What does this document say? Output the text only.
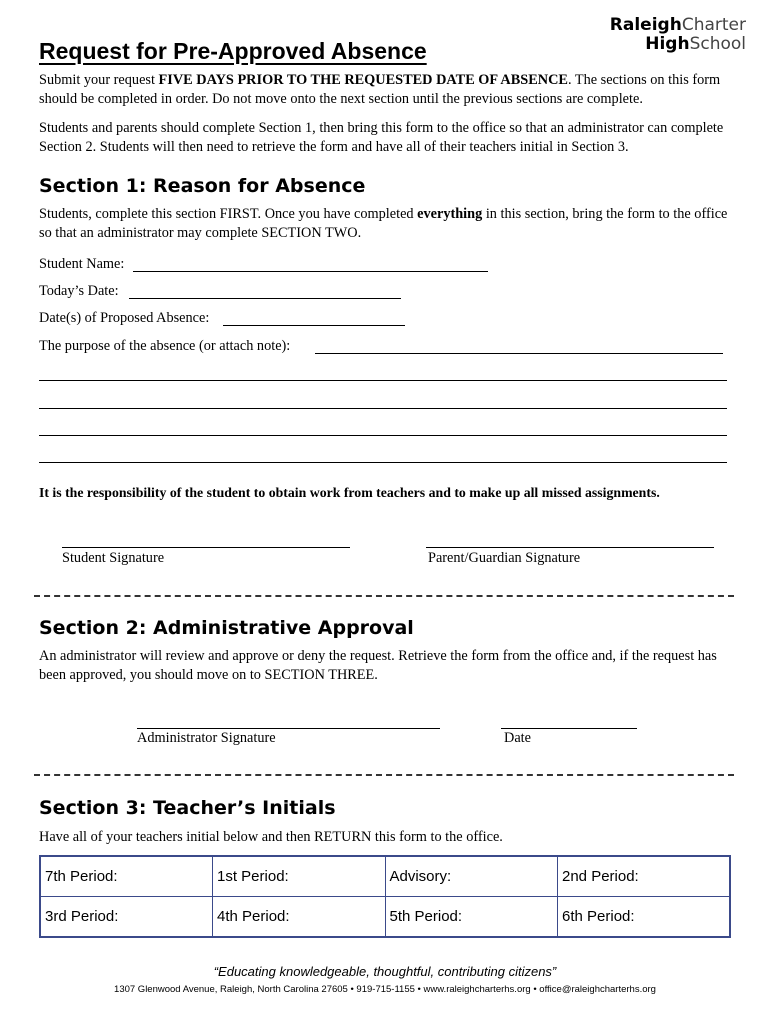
RaleighCharter
HighSchool
Request for Pre-Approved Absence

Submit your request FIVE DAYS PRIOR TO THE REQUESTED DATE OF ABSENCE. The sections on this form should be completed in order. Do not move onto the next section until the previous sections are complete.

Students and parents should complete Section 1, then bring this form to the office so that an administrator can complete Section 2. Students will then need to retrieve the form and have all of their teachers initial in Section 3.

Section 1: Reason for Absence

Students, complete this section FIRST. Once you have completed everything in this section, bring the form to the office so that an administrator may complete SECTION TWO.

Student Name:
Today’s Date:
Date(s) of Proposed Absence:
The purpose of the absence (or attach note):

It is the responsibility of the student to obtain work from teachers and to make up all missed assignments.

Student Signature	Parent/Guardian Signature
Section 2: Administrative Approval

An administrator will review and approve or deny the request. Retrieve the form from the office and, if the request has been approved, you should move on to SECTION THREE.

Administrator Signature	Date
Section 3: Teacher’s Initials

Have all of your teachers initial below and then RETURN this form to the office.

7th Period:	1st Period:	Advisory:	2nd Period:
3rd Period:	4th Period:	5th Period:	6th Period:
“Educating knowledgeable, thoughtful, contributing citizens”
1307 Glenwood Avenue, Raleigh, North Carolina 27605 • 919-715-1155 • www.raleighcharterhs.org • office@raleighcharterhs.org
